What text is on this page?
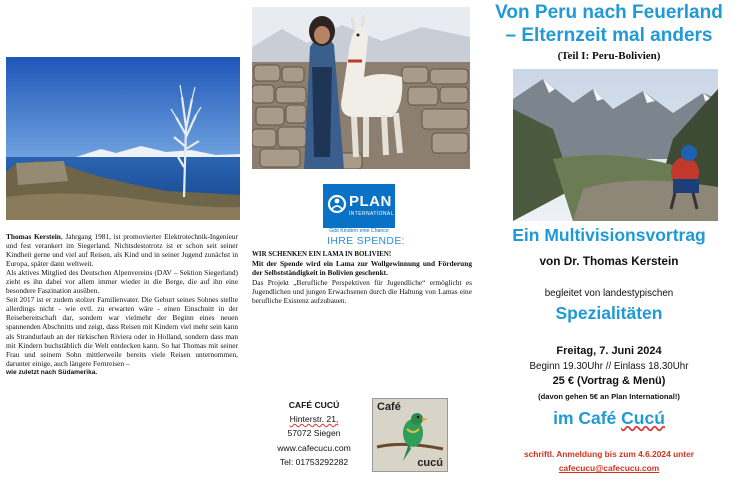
Thomas Kerstein, Jahrgang 1981, ist promovierter Elektrotechnik-Ingenieur und fest verankert im Siegerland. Nichtsdestotrotz ist er schon seit seiner Kindheit gerne und viel auf Reisen, als Kind und in seiner Jugend zunächst in Europa, später dann weltweit.

Als aktives Mitglied des Deutschen Alpenvereins (DAV – Sektion Siegerland) zieht es ihn dabei vor allem immer wieder in die Berge, die auf ihn eine besondere Faszination ausüben.

Seit 2017 ist er zudem stolzer Familienvater. Die Geburt seines Sohnes stellte allerdings nicht - wie evtl. zu erwarten wäre - einen Einschnitt in der Reisebereitschaft dar, sondern war vielmehr der Beginn eines neuen spannenden Abschnitts und zeigt, dass Reisen mit Kindern viel mehr sein kann als Strandurlaub an der türkischen Riviera oder in Holland, sondern dass man mit Kindern buchstäblich die Welt entdecken kann. So hat Thomas mit seiner Frau und seinem Sohn mittlerweile bereits viele Reisen unternommen, darunter einige, auch längere Fernreisen –

wie zuletzt nach Südamerika.

PLAN
INTERNATIONAL
Gibt Kindern eine Chance
IHRE SPENDE:

WIR SCHENKEN EIN LAMA IN BOLIVIEN!

Mit der Spende wird ein Lama zur Wollgewinnung und Förderung der Selbstständigkeit in Bolivien geschenkt.

Das Projekt „Berufliche Perspektiven für Jugendliche“ ermöglicht es Jugendlichen und jungen Erwachsenen durch die Haltung von Lamas eine berufliche Existenz aufzubauen.

CAFÉ CUCÚ
Hinterstr. 21,
57072 Siegen
www.cafecucu.com
Tel: 01753292282
Café
cucú
Von Peru nach Feuerland
– Elternzeit mal anders
(Teil I: Peru-Bolivien)
Ein Multivisionsvortrag
von Dr. Thomas Kerstein
begleitet von landestypischen
Spezialitäten
Freitag, 7. Juni 2024
Beginn 19.30Uhr // Einlass 18.30Uhr
25 € (Vortrag & Menü)
(davon gehen 5€ an Plan International!)
im Café Cucú
schriftl. Anmeldung bis zum 4.6.2024 unter
cafecucu@cafecucu.com
